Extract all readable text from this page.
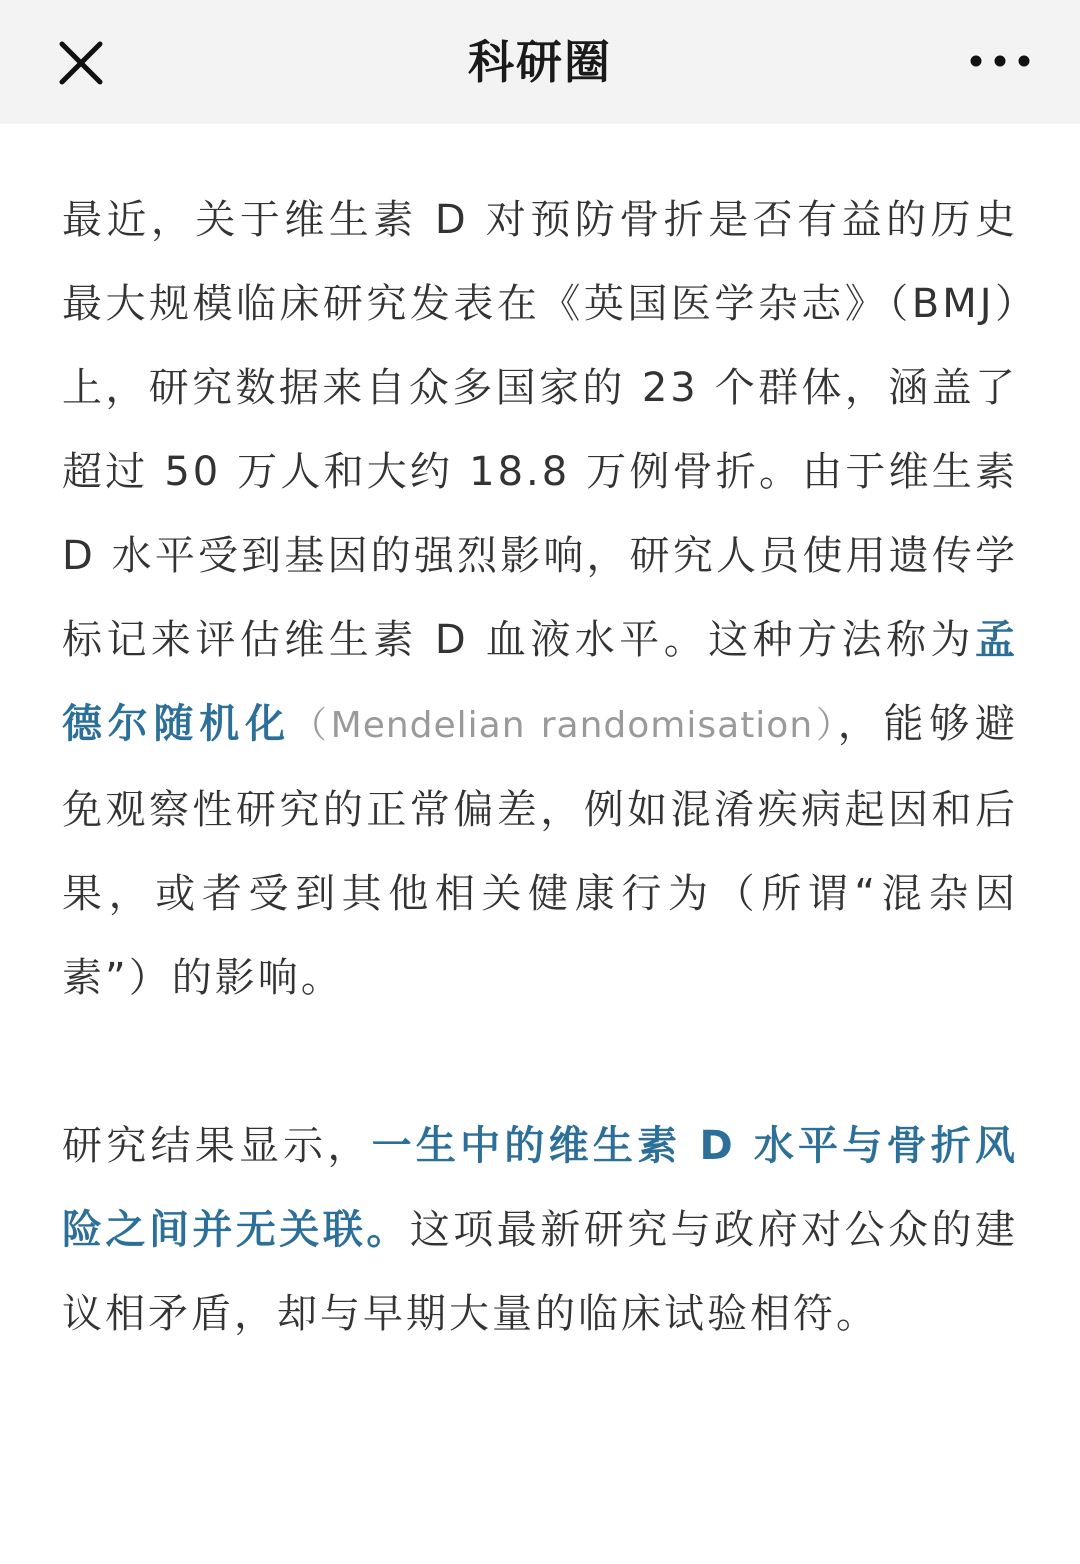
科研圈

最近，关于维生素 D 对预防骨折是否有益的历史最大规模临床研究发表在《英国医学杂志》（BMJ）上，研究数据来自众多国家的 23 个群体，涵盖了超过 50 万人和大约 18.8 万例骨折。由于维生素 D 水平受到基因的强烈影响，研究人员使用遗传学标记来评估维生素 D 血液水平。这种方法称为孟德尔随机化（Mendelian randomisation），能够避免观察性研究的正常偏差，例如混淆疾病起因和后果，或者受到其他相关健康行为（所谓“混杂因素”）的影响。

研究结果显示，一生中的维生素 D 水平与骨折风险之间并无关联。这项最新研究与政府对公众的建议相矛盾，却与早期大量的临床试验相符。
